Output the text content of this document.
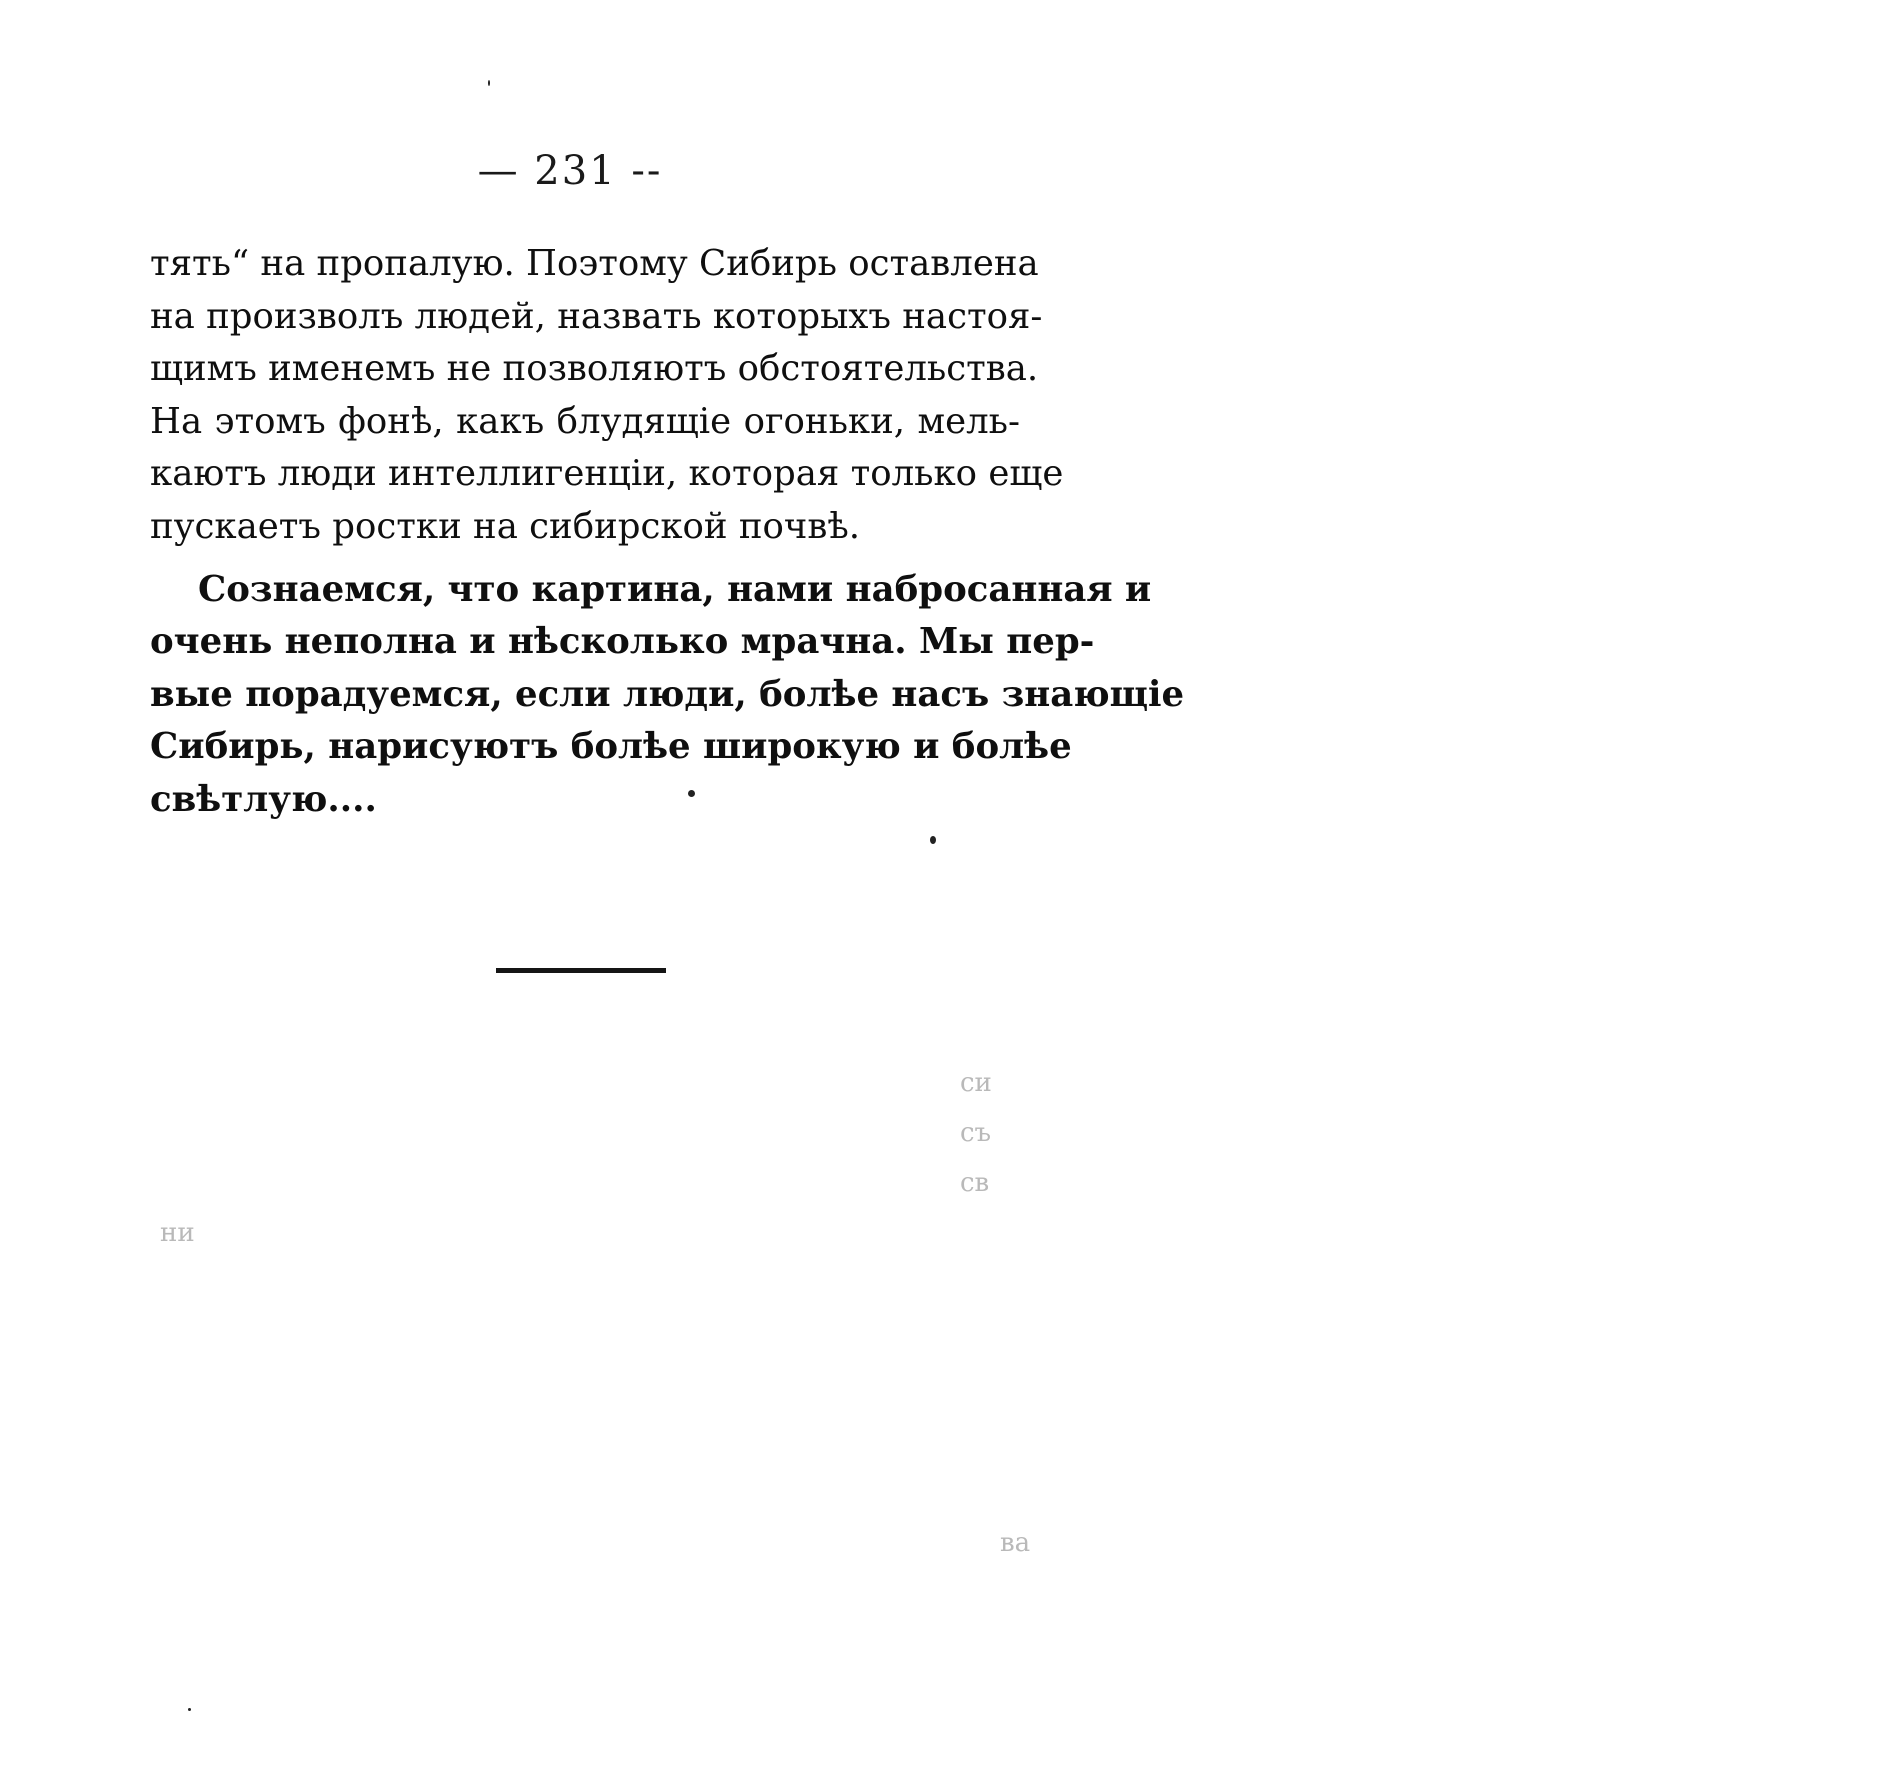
— 231 --
тять“ на пропалую. Поэтому Сибирь оставлена
на произволъ людей, назвать которыхъ настоя-
щимъ именемъ не позволяютъ обстоятельства.
На этомъ фонѣ, какъ блудящіе огоньки, мель-
каютъ люди интеллигенціи, которая только еще
пускаетъ ростки на сибирской почвѣ.
Сознаемся, что картина, нами набросанная и
очень неполна и нѣсколько мрачна. Мы пер-
вые порадуемся, если люди, болѣе насъ знающіе
Сибирь, нарисуютъ болѣе широкую и болѣе
свѣтлую....
си
съ
св
ни
ва
